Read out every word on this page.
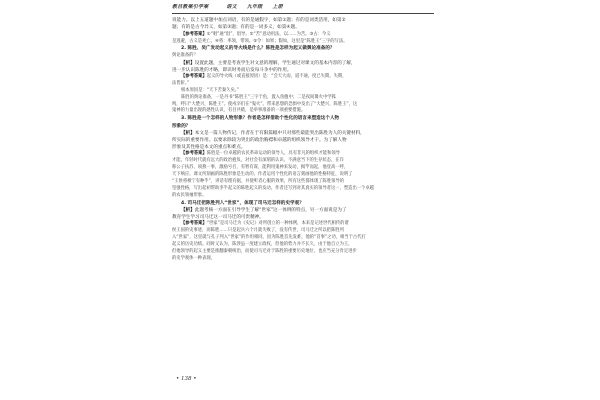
教目教案引学案	语文 九年级 上册

说能力。以上五道题中加点词语，有的是通假字，如第①题；有的是词类活用，如第②

题；有的是古今异义，如第③题；有的是一词多义，如第④题。

【参考答案】①“唱”通“倡”，倡导。②“苦”意动用法，以……为苦。③古：今义

是逃避，古义是死亡。④将：率领，带领。⑤令：如果；假如，这里是“陈胜王”三字的写法。

2. 陈胜、吴广发动起义的导火线是什么？陈胜是怎样为起义做舆论准备的？

舆论准备的？

【析】设置此题，主要是考查学生对文意的理解，学生通过对课文的基本内容的了解，

进一步认识陈胜的才略，即识时务而后发每斗争中的作用。

【参考答案】起义的导火线（或直接原因）是：“会天大雨，道不通，度已失期。失期，

法皆斩。”

根本原因是：“天下苦秦久矣。”

陈胜的舆论准备，一是丹书“陈胜王”三字于鱼，置入鱼腹中；二是夜间篝火中学狐

鸣，呼曰“大楚兴，陈胜王”。使戍卒们在“鬼火”。带来思想的恐惧中发出了“大楚兴，陈胜王”，这

鬼神的力量出现的感性认识，有目共睹，是举事准备的一项重要措施。

3. 陈胜是一个怎样的人物形象？作者是怎样借助个性化的语言来塑造这个人物

形象的？

【析】本文是一篇人物传记，作者在于有限篇幅中只对那些最能突出陈胜为人的关键材料，

所实际的重要作用。以要求除较为突出的政治胸襟和卓越的组织领导才干。为了解人物

形象及其性格是本文的重点和难点。

【参考答案】陈胜是一位卓越的农民革命运动的领导人，具有非凡的组织才能和领导

才能。年轻时代就有远大的政治抱负，对社会有深刻的认识，不满意当下的生存状态，在诈

称公子扶苏、项燕一事，激励号召，有智有谋，能利用鬼神来发动，揭竿而起，他登高一呼，

天下响应。课文所刻画的陈胜形象是生动的，作者运用个性化的语言刻画他的性格特征，说明了

“王侯将相宁有种乎”，讲话有理有据，并使听者心服的效果，所有这些都体现了陈胜领导的

坚强性格，写出起初帮助李半起义的陈胜起义的发动，作者还写到对其真实的领导者这一，塑造出一个卓越

的农民领袖形象。

4. 司马迁把陈胜列入“世家”，体现了司马迁怎样的史学观？

【析】此题考核一方面在引导学生了解“世家”这一体例的特点，另一方面说是为了

教育学生学习司马迁这一司马迁的可贵精神。

【参考答案】“世家”是司马迁为《史记》对所创立的一种体例，本来是记述世代相传的诸

侯王国的史事迹，而陈胜……只是起兵六个月就失败了，没有传世，司马迁之所以把陈胜列

入“世家”，这里就与孔子列入“世家”的作用相同，因为陈胜首先发难，他的“首事”之功，相当于古代打

起义的历史功绩。同时又认为，陈涉虽一度建立政权，但他的势力并不长久，由于他自立为王，

但他领导的起义主要是推翻秦朝统治，而使司马迁对于陈胜的重要历史地位，也应当充分肯定进步

的史学观体一种表现。

• 138 •
